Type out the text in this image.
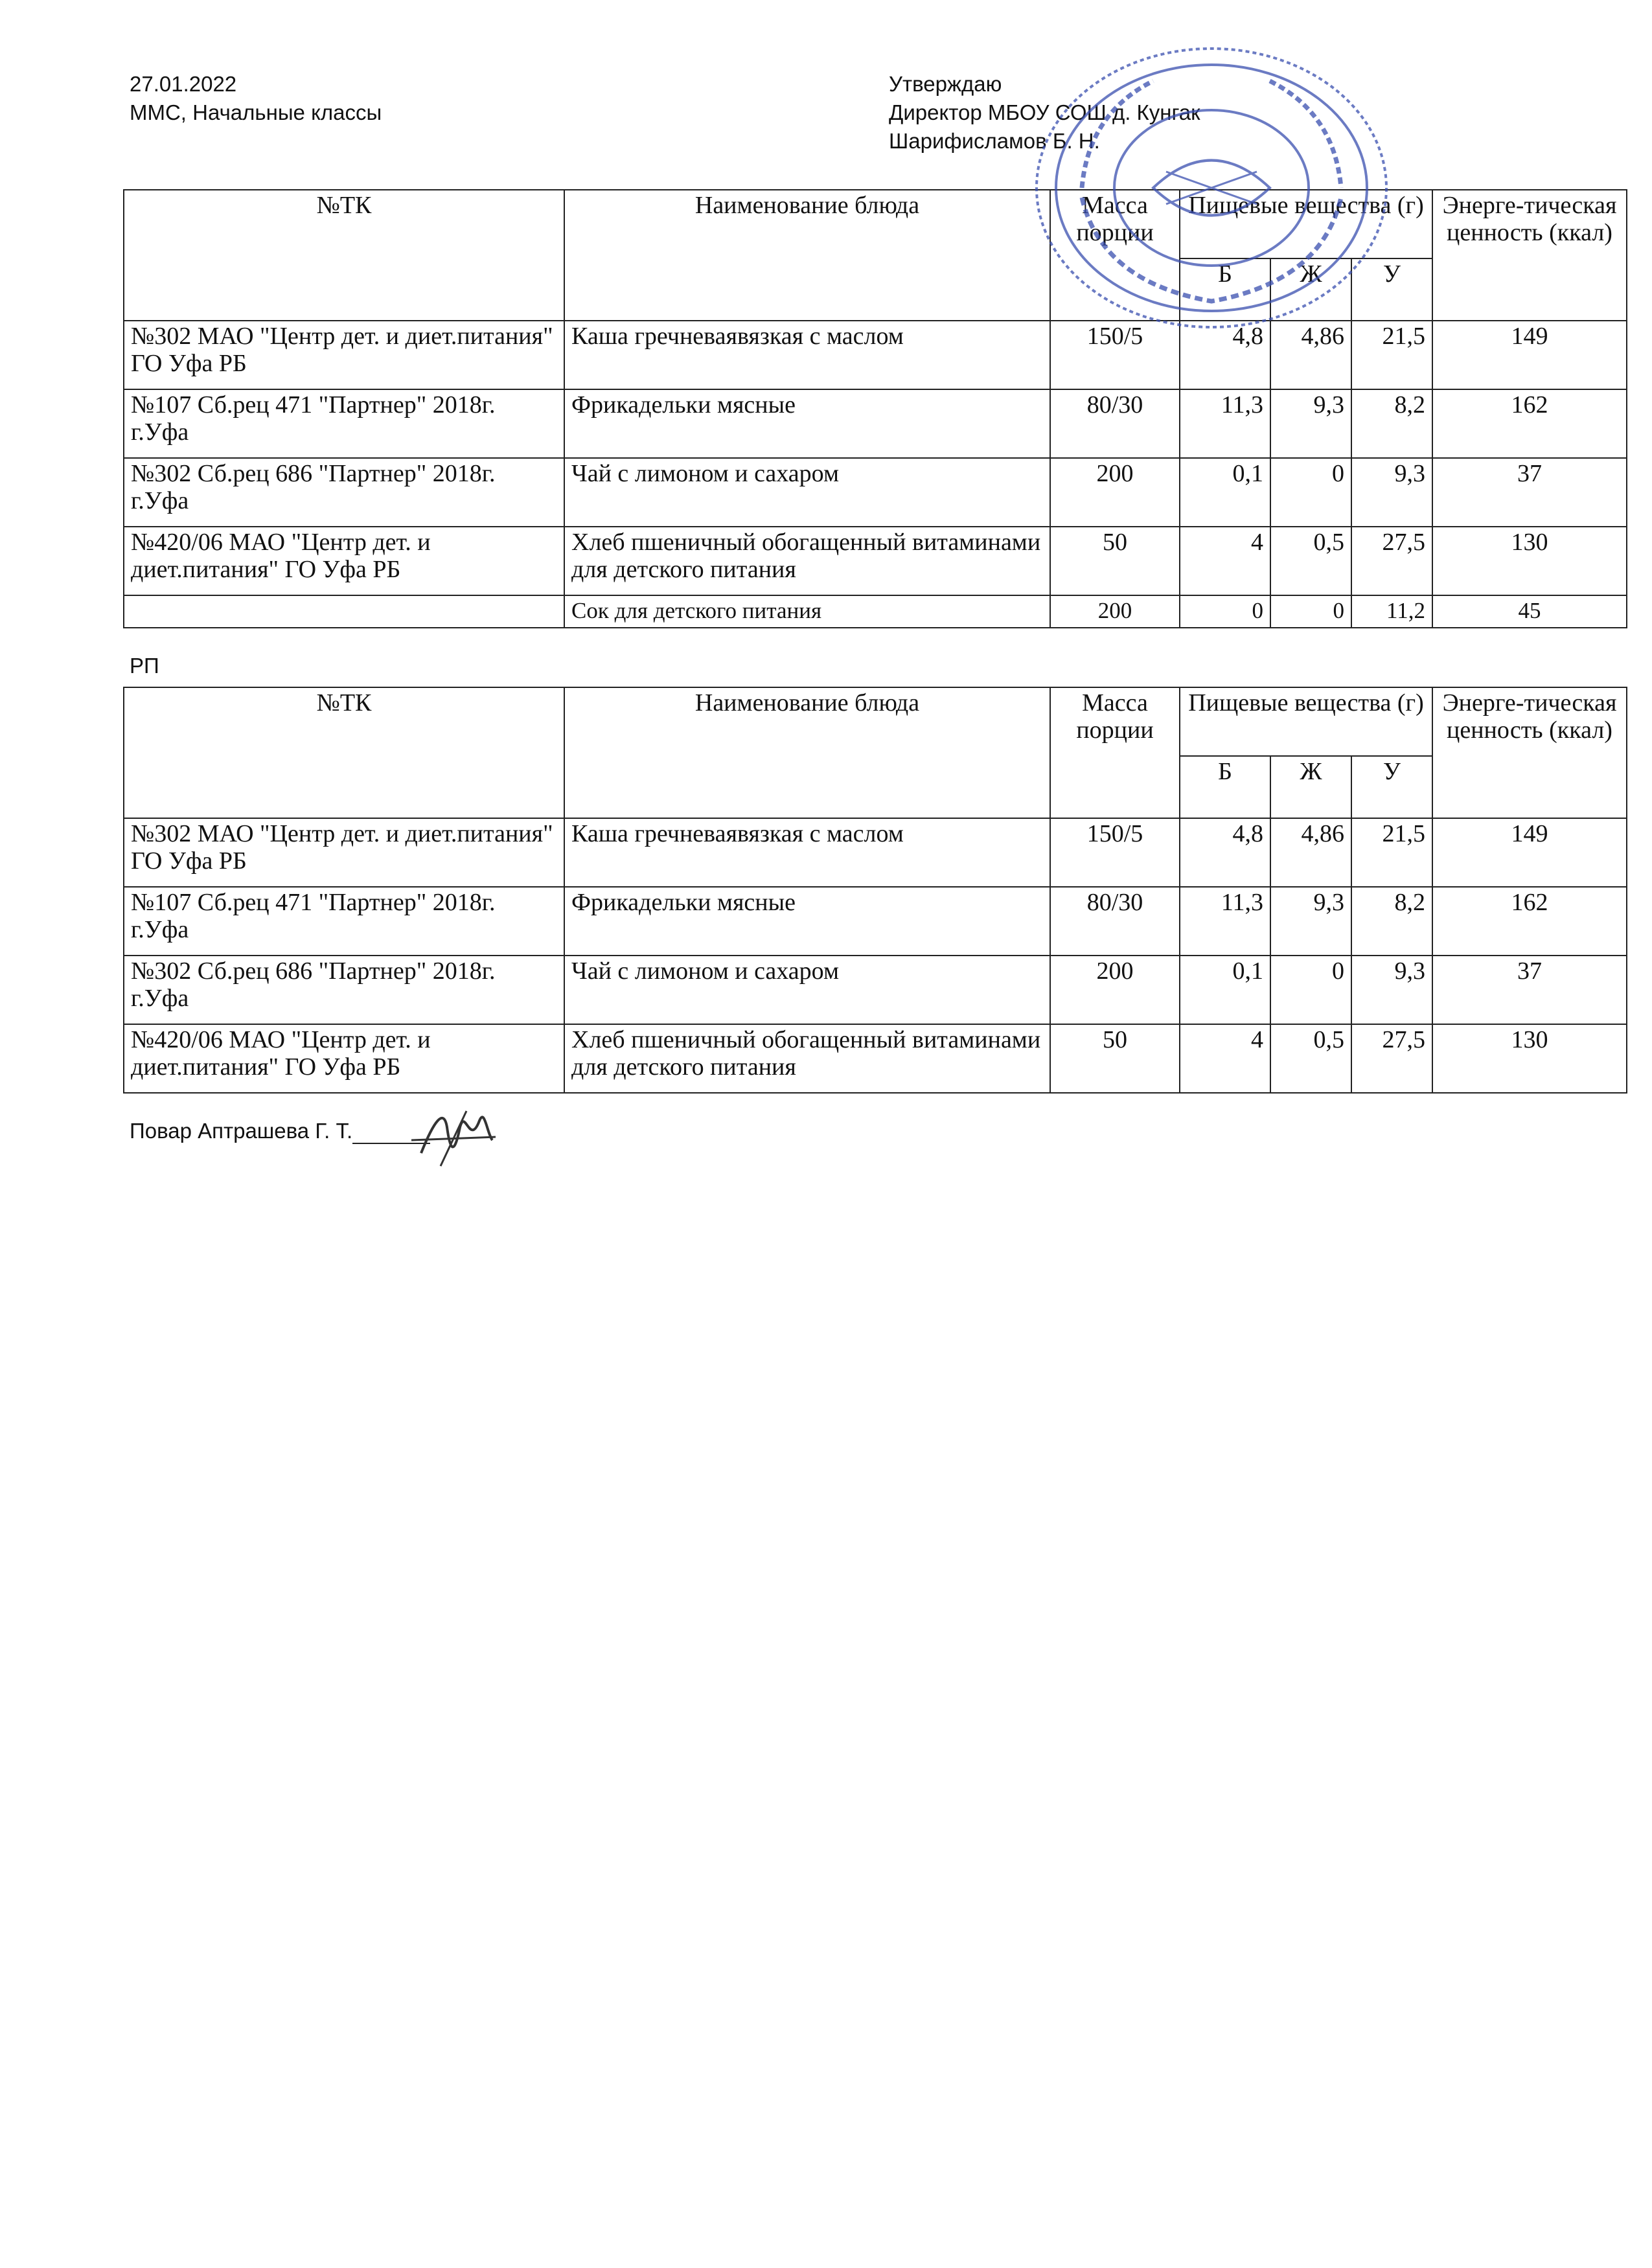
27.01.2022
ММС, Начальные классы
Утверждаю
Директор МБОУ СОШ д. Кунгак
Шарифисламов Б. Н.
№ТК	Наименование блюда	Масса порции	Пищевые вещества (г)			Энерге-тическая ценность (ккал)
			Б	Ж	У	
№302 МАО "Центр дет. и диет.питания" ГО Уфа РБ	Каша гречневаявязкая с маслом	150/5	4,8	4,86	21,5	149
№107 Сб.рец 471 "Партнер" 2018г. г.Уфа	Фрикадельки мясные	80/30	11,3	9,3	8,2	162
№302 Сб.рец 686 "Партнер" 2018г. г.Уфа	Чай с лимоном и сахаром	200	0,1	0	9,3	37
№420/06 МАО "Центр дет. и диет.питания" ГО Уфа РБ	Хлеб пшеничный обогащенный витаминами для детского питания	50	4	0,5	27,5	130
	Сок для детского питания	200	0	0	11,2	45
РП
№ТК	Наименование блюда	Масса порции	Пищевые вещества (г)			Энерге-тическая ценность (ккал)
			Б	Ж	У	
№302 МАО "Центр дет. и диет.питания" ГО Уфа РБ	Каша гречневаявязкая с маслом	150/5	4,8	4,86	21,5	149
№107 Сб.рец 471 "Партнер" 2018г. г.Уфа	Фрикадельки мясные	80/30	11,3	9,3	8,2	162
№302 Сб.рец 686 "Партнер" 2018г. г.Уфа	Чай с лимоном и сахаром	200	0,1	0	9,3	37
№420/06 МАО "Центр дет. и диет.питания" ГО Уфа РБ	Хлеб пшеничный обогащенный витаминами для детского питания	50	4	0,5	27,5	130
Повар Аптрашева Г. Т.
